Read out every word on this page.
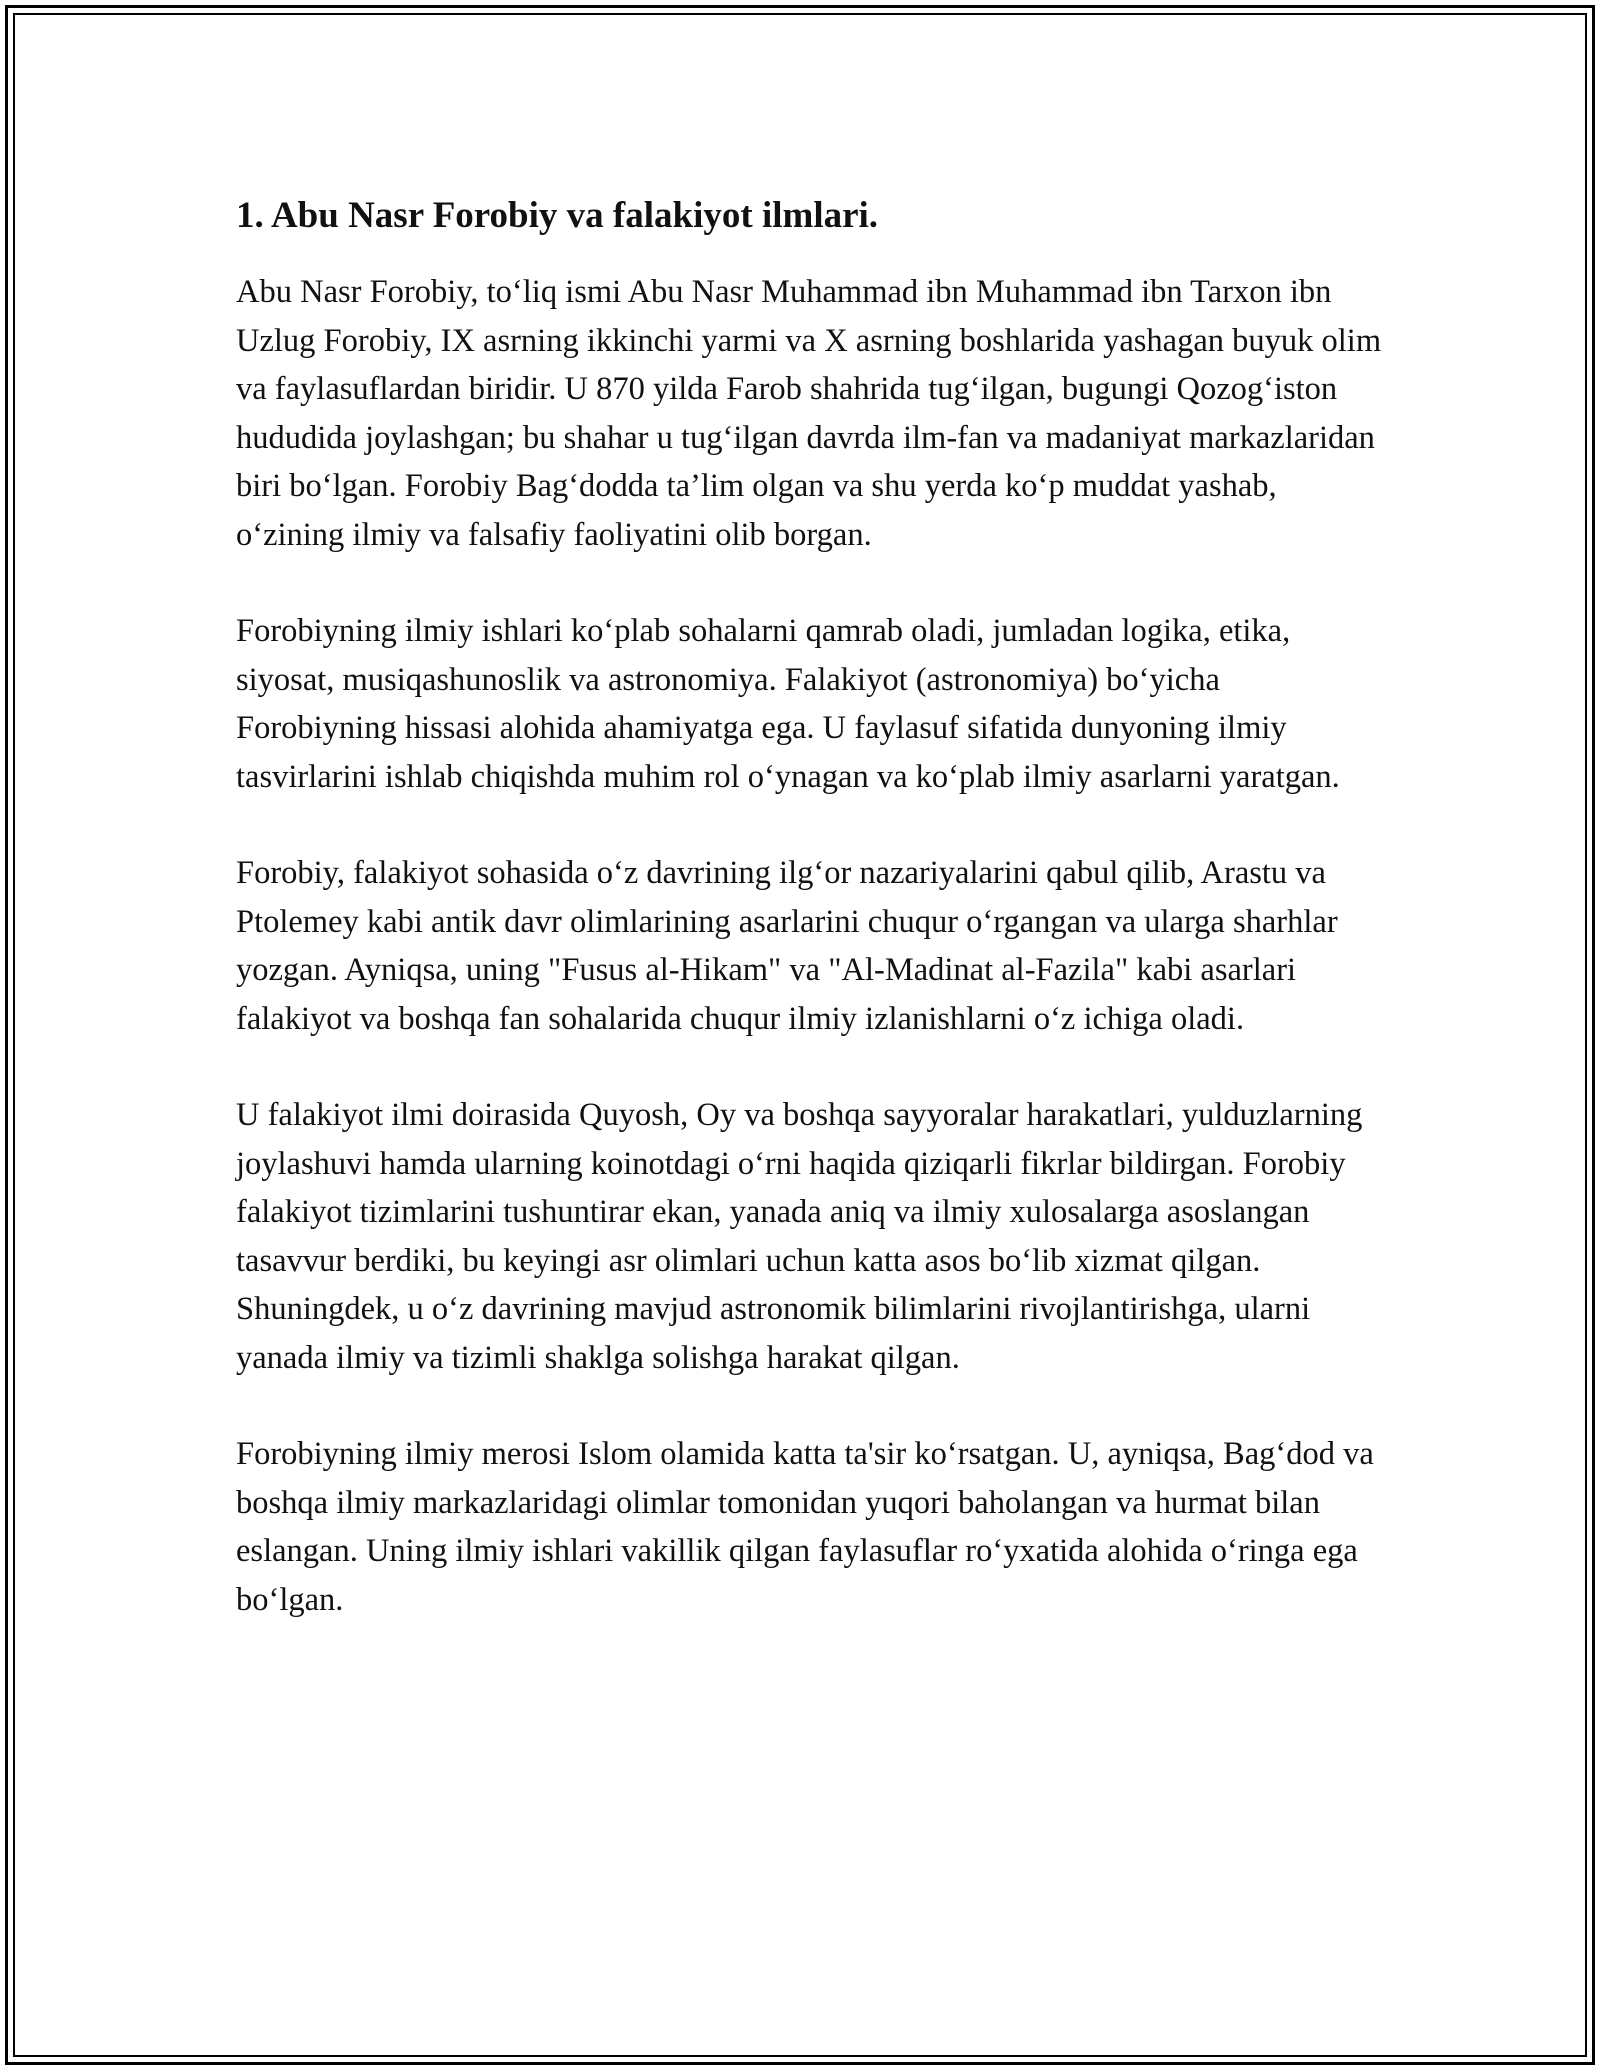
1. Abu Nasr Forobiy va falakiyot ilmlari.

Abu Nasr Forobiy, to‘liq ismi Abu Nasr Muhammad ibn Muhammad ibn Tarxon ibn Uzlug Forobiy, IX asrning ikkinchi yarmi va X asrning boshlarida yashagan buyuk olim va faylasuflardan biridir. U 870 yilda Farob shahrida tug‘ilgan, bugungi Qozog‘iston hududida joylashgan; bu shahar u tug‘ilgan davrda ilm-fan va madaniyat markazlaridan biri bo‘lgan. Forobiy Bag‘dodda ta’lim olgan va shu yerda ko‘p muddat yashab, o‘zining ilmiy va falsafiy faoliyatini olib borgan.

Forobiyning ilmiy ishlari ko‘plab sohalarni qamrab oladi, jumladan logika, etika, siyosat, musiqashunoslik va astronomiya. Falakiyot (astronomiya) bo‘yicha Forobiyning hissasi alohida ahamiyatga ega. U faylasuf sifatida dunyoning ilmiy tasvirlarini ishlab chiqishda muhim rol o‘ynagan va ko‘plab ilmiy asarlarni yaratgan.

Forobiy, falakiyot sohasida o‘z davrining ilg‘or nazariyalarini qabul qilib, Arastu va Ptolemey kabi antik davr olimlarining asarlarini chuqur o‘rgangan va ularga sharhlar yozgan. Ayniqsa, uning "Fusus al-Hikam" va "Al-Madinat al-Fazila" kabi asarlari falakiyot va boshqa fan sohalarida chuqur ilmiy izlanishlarni o‘z ichiga oladi.

U falakiyot ilmi doirasida Quyosh, Oy va boshqa sayyoralar harakatlari, yulduzlarning joylashuvi hamda ularning koinotdagi o‘rni haqida qiziqarli fikrlar bildirgan. Forobiy falakiyot tizimlarini tushuntirar ekan, yanada aniq va ilmiy xulosalarga asoslangan tasavvur berdiki, bu keyingi asr olimlari uchun katta asos bo‘lib xizmat qilgan. Shuningdek, u o‘z davrining mavjud astronomik bilimlarini rivojlantirishga, ularni yanada ilmiy va tizimli shaklga solishga harakat qilgan.

Forobiyning ilmiy merosi Islom olamida katta ta'sir ko‘rsatgan. U, ayniqsa, Bag‘dod va boshqa ilmiy markazlaridagi olimlar tomonidan yuqori baholangan va hurmat bilan eslangan. Uning ilmiy ishlari vakillik qilgan faylasuflar ro‘yxatida alohida o‘ringa ega bo‘lgan.
